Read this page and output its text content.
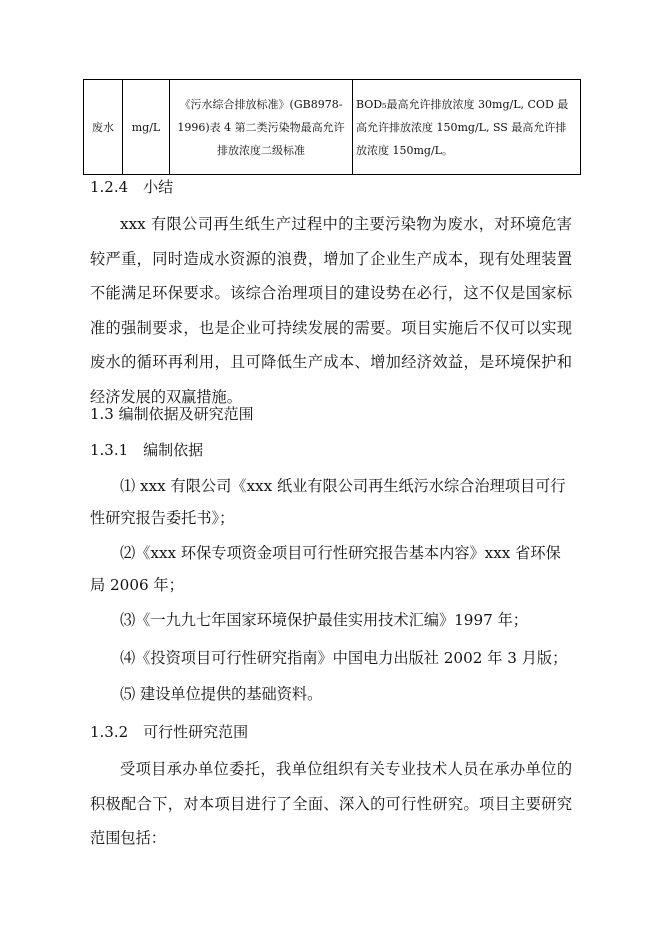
废水	mg/L	《污水综合排放标准》(GB8978-1996)表 4 第二类污染物最高允许排放浓度二级标准	BOD₅最高允许排放浓度 30mg/L, COD 最高允许排放浓度 150mg/L, SS 最高允许排放浓度 150mg/L。
1.2.4　小结

xxx 有限公司再生纸生产过程中的主要污染物为废水，对环境危害较严重，同时造成水资源的浪费，增加了企业生产成本，现有处理装置不能满足环保要求。该综合治理项目的建设势在必行，这不仅是国家标准的强制要求，也是企业可持续发展的需要。项目实施后不仅可以实现废水的循环再利用，且可降低生产成本、增加经济效益，是环境保护和经济发展的双赢措施。

1.3 编制依据及研究范围
1.3.1　编制依据

⑴ xxx 有限公司《xxx 纸业有限公司再生纸污水综合治理项目可行性研究报告委托书》；

⑵《xxx 环保专项资金项目可行性研究报告基本内容》xxx 省环保局 2006 年；

⑶《一九九七年国家环境保护最佳实用技术汇编》1997 年；

⑷《投资项目可行性研究指南》中国电力出版社 2002 年 3 月版；

⑸ 建设单位提供的基础资料。

1.3.2　可行性研究范围

受项目承办单位委托，我单位组织有关专业技术人员在承办单位的积极配合下，对本项目进行了全面、深入的可行性研究。项目主要研究范围包括：
